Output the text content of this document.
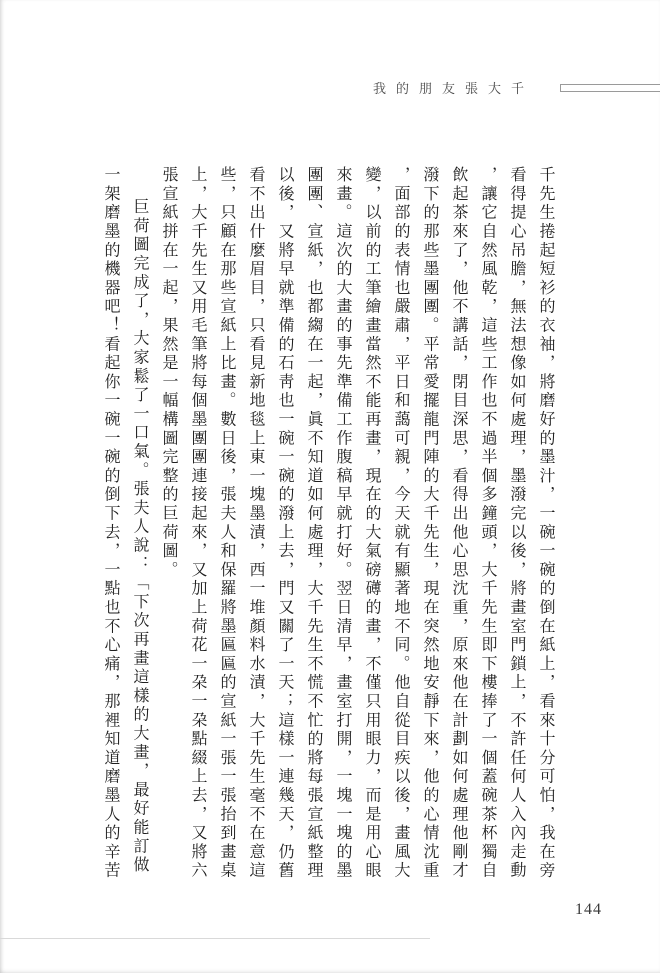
我的朋友張大千

千先生捲起短衫的衣袖，將磨好的墨汁，一碗一碗的倒在紙上，看來十分可怕，我在旁看得提心吊膽，無法想像如何處理，墨潑完以後，將畫室門鎖上，不許任何人入內走動，讓它自然風乾，這些工作也不過半個多鐘頭，大千先生即下樓捧了一個蓋碗茶杯獨自飲起茶來了，他不講話，閉目深思，看得出他心思沈重，原來他在計劃如何處理他剛才潑下的那些墨團團。平常愛擺龍門陣的大千先生，現在突然地安靜下來，他的心情沈重，面部的表情也嚴肅，平日和藹可親，今天就有顯著地不同。他自從目疾以後，畫風大變，以前的工筆繪畫當然不能再畫，現在的大氣磅礡的畫，不僅只用眼力，而是用心眼來畫。這次的大畫的事先準備工作腹稿早就打好。翌日清早，畫室打開，一塊一塊的墨團團、宣紙，也都縐在一起，眞不知道如何處理，大千先生不慌不忙的將每張宣紙整理以後，又將早就準備的石靑也一碗一碗的潑上去，門又關了一天；這樣一連幾天，仍舊看不出什麼眉目，只看見新地毯上東一塊墨漬，西一堆顏料水漬，大千先生毫不在意這些，只顧在那些宣紙上比畫。數日後，張夫人和保羅將墨匾匾的宣紙一張一張抬到畫桌上，大千先生又用毛筆將每個墨團團連接起來，又加上荷花一朶一朶點綴上去，又將六張宣紙拼在一起，果然是一幅構圖完整的巨荷圖。

巨荷圖完成了，大家鬆了一口氣。張夫人說：「下次再畫這樣的大畫，最好能訂做一架磨墨的機器吧！看起你一碗一碗的倒下去，一點也不心痛，那裡知道磨墨人的辛苦

144
